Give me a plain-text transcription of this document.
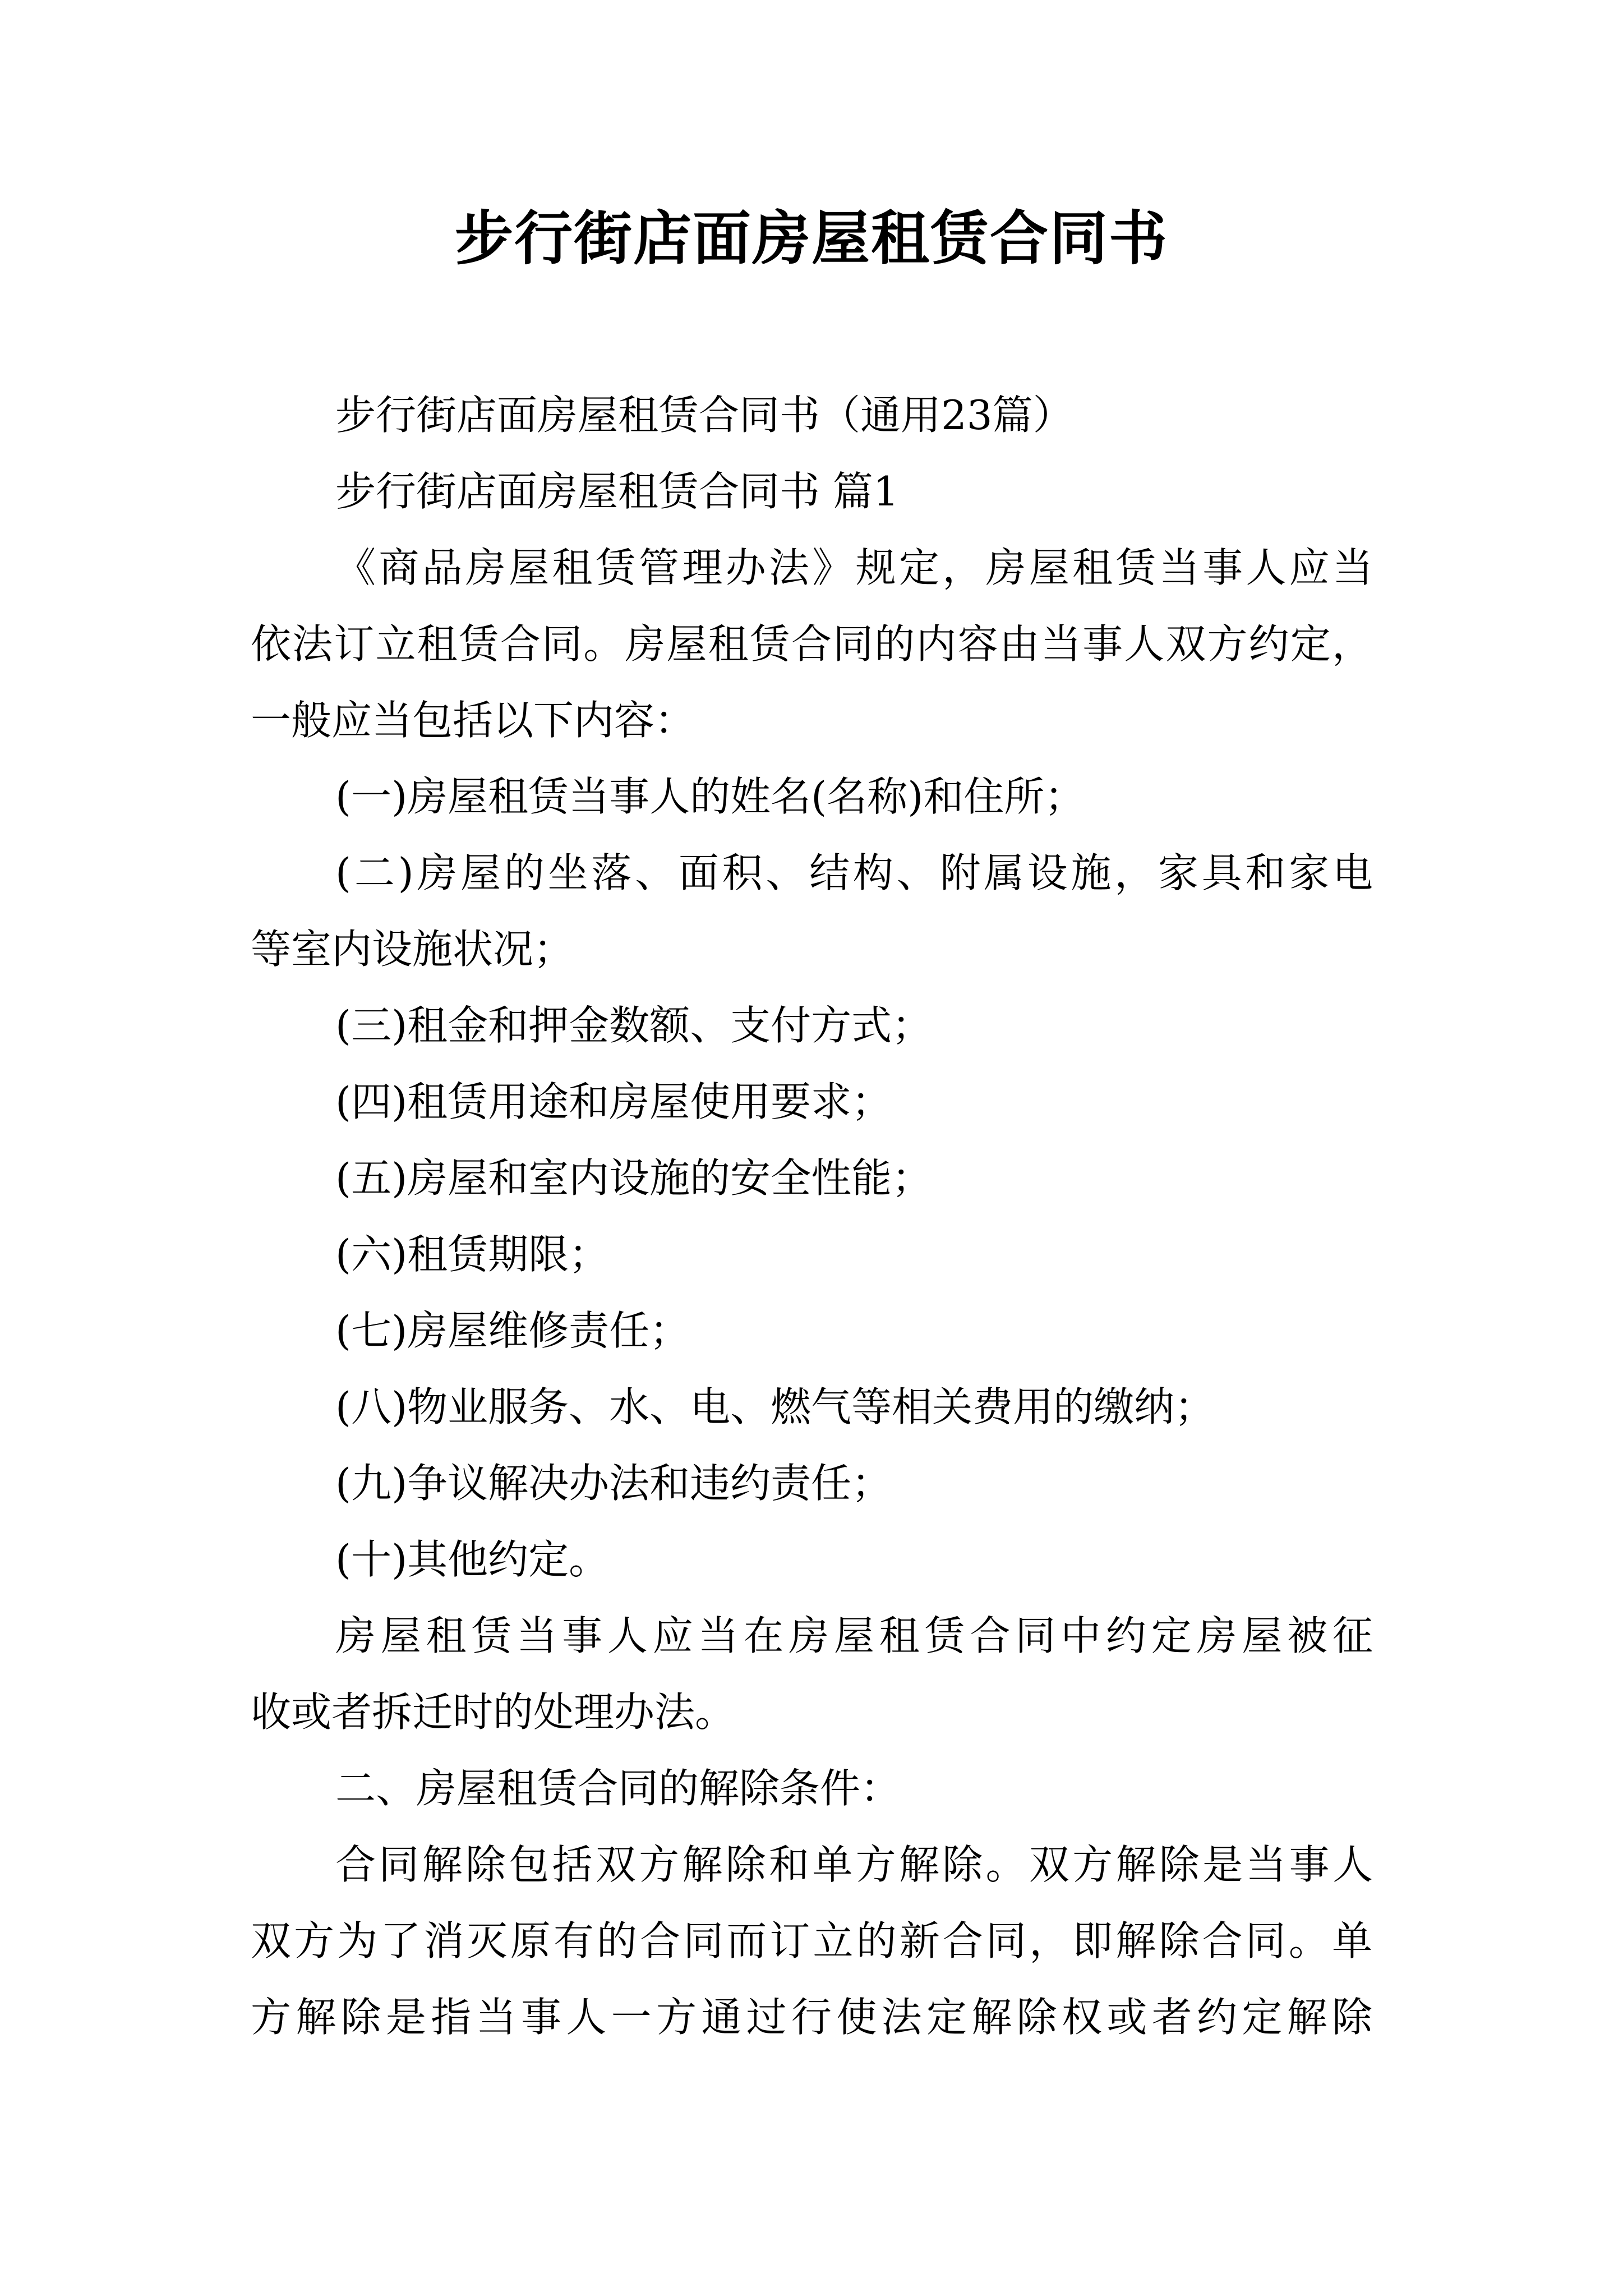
步行街店面房屋租赁合同书
步行街店面房屋租赁合同书（通用23篇）
步行街店面房屋租赁合同书 篇1
《商品房屋租赁管理办法》规定，房屋租赁当事人应当
依法订立租赁合同。房屋租赁合同的内容由当事人双方约定，
一般应当包括以下内容：
(一)房屋租赁当事人的姓名(名称)和住所；
(二)房屋的坐落、面积、结构、附属设施，家具和家电
等室内设施状况；
(三)租金和押金数额、支付方式；
(四)租赁用途和房屋使用要求；
(五)房屋和室内设施的安全性能；
(六)租赁期限；
(七)房屋维修责任；
(八)物业服务、水、电、燃气等相关费用的缴纳；
(九)争议解决办法和违约责任；
(十)其他约定。
房屋租赁当事人应当在房屋租赁合同中约定房屋被征
收或者拆迁时的处理办法。
二、房屋租赁合同的解除条件：
合同解除包括双方解除和单方解除。双方解除是当事人
双方为了消灭原有的合同而订立的新合同，即解除合同。单
方解除是指当事人一方通过行使法定解除权或者约定解除
